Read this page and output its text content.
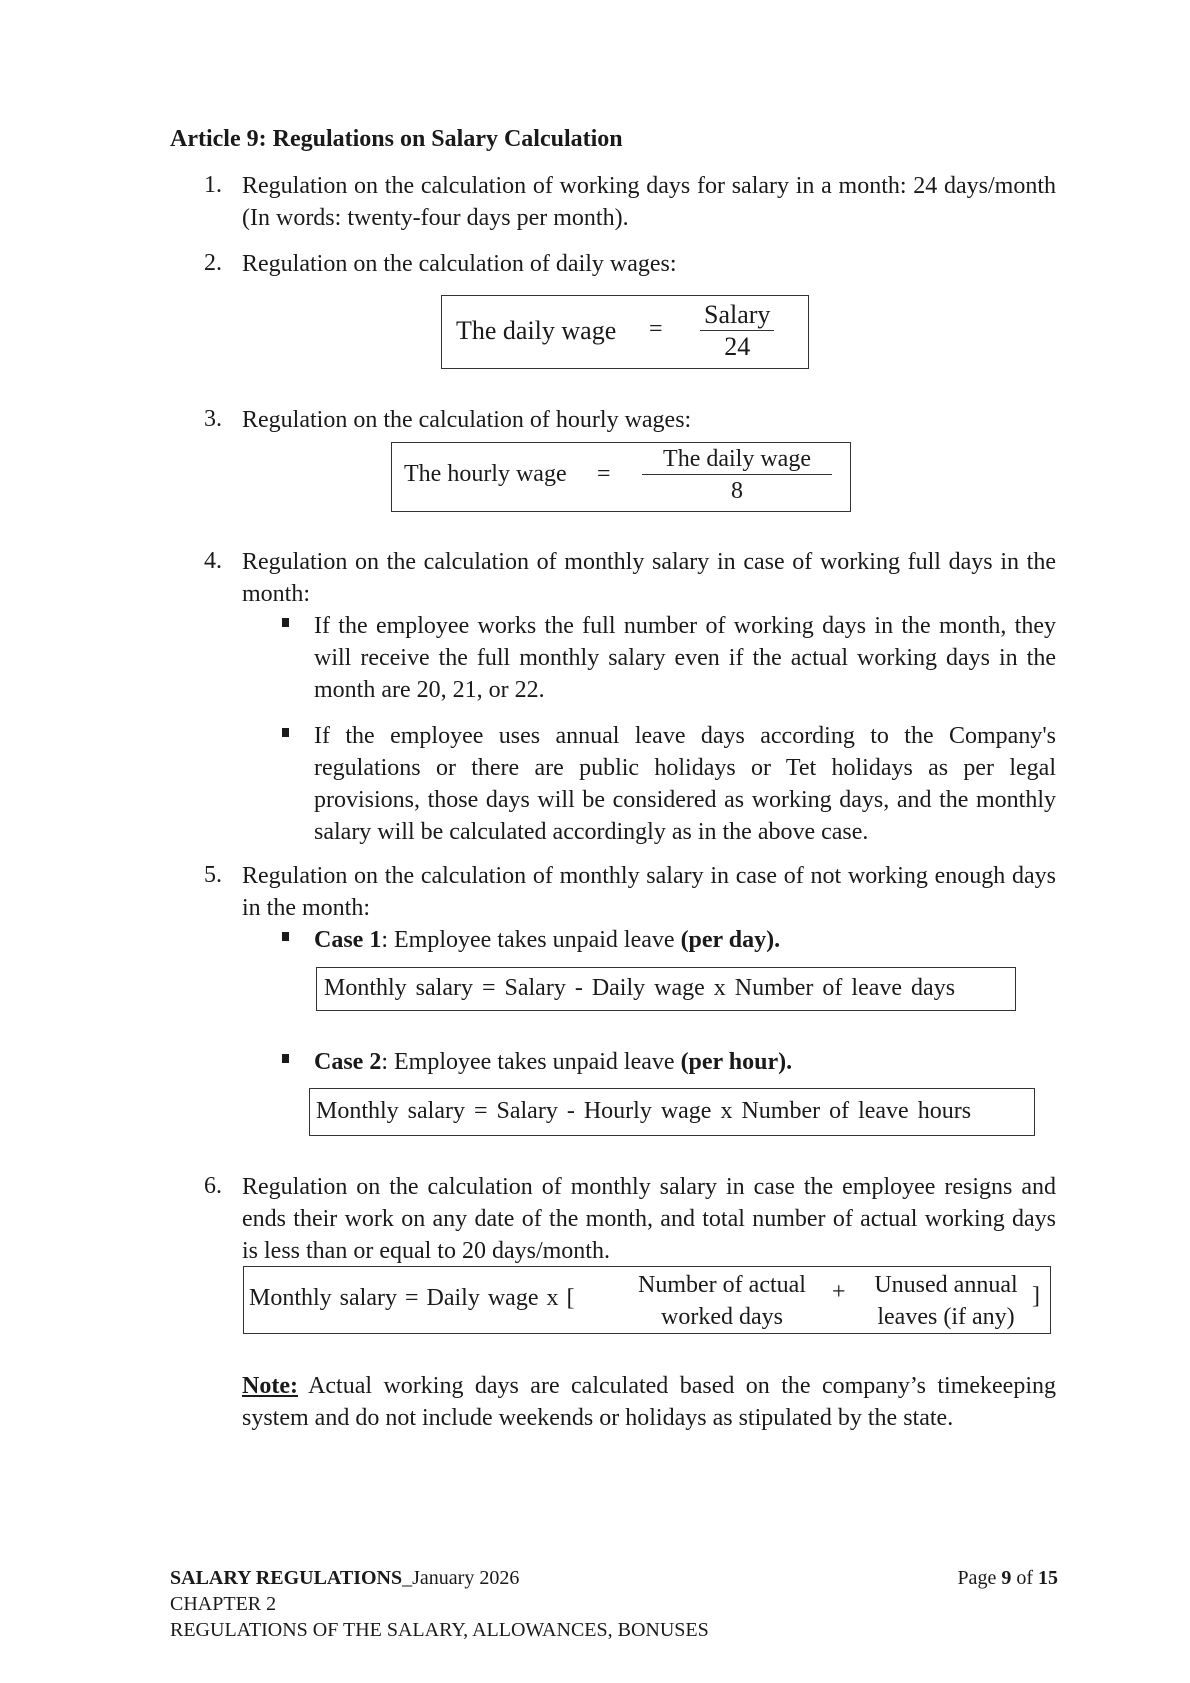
Article 9: Regulations on Salary Calculation
1. Regulation on the calculation of working days for salary in a month: 24 days/month (In words: twenty-four days per month).
2. Regulation on the calculation of daily wages:
The daily wage = Salary
24
3. Regulation on the calculation of hourly wages:
The hourly wage =
The daily wage
8
4. Regulation on the calculation of monthly salary in case of working full days in the month:
If the employee works the full number of working days in the month, they will receive the full monthly salary even if the actual working days in the month are 20, 21, or 22.
If the employee uses annual leave days according to the Company's regulations or there are public holidays or Tet holidays as per legal provisions, those days will be considered as working days, and the monthly salary will be calculated accordingly as in the above case.
5. Regulation on the calculation of monthly salary in case of not working enough days in the month:
Case 1: Employee takes unpaid leave (per day).
Monthly salary = Salary - Daily wage x Number of leave days
Case 2: Employee takes unpaid leave (per hour).
Monthly salary = Salary - Hourly wage x Number of leave hours
6. Regulation on the calculation of monthly salary in case the employee resigns and ends their work on any date of the month, and total number of actual working days is less than or equal to 20 days/month.
Monthly salary = Daily wage x [	Number of actual
worked days
+	Unused annual
leaves (if any)
]
Note: Actual working days are calculated based on the company’s timekeeping system and do not include weekends or holidays as stipulated by the state.
SALARY REGULATIONS_January 2026
CHAPTER 2
REGULATIONS OF THE SALARY, ALLOWANCES, BONUSES
Page 9 of 15
